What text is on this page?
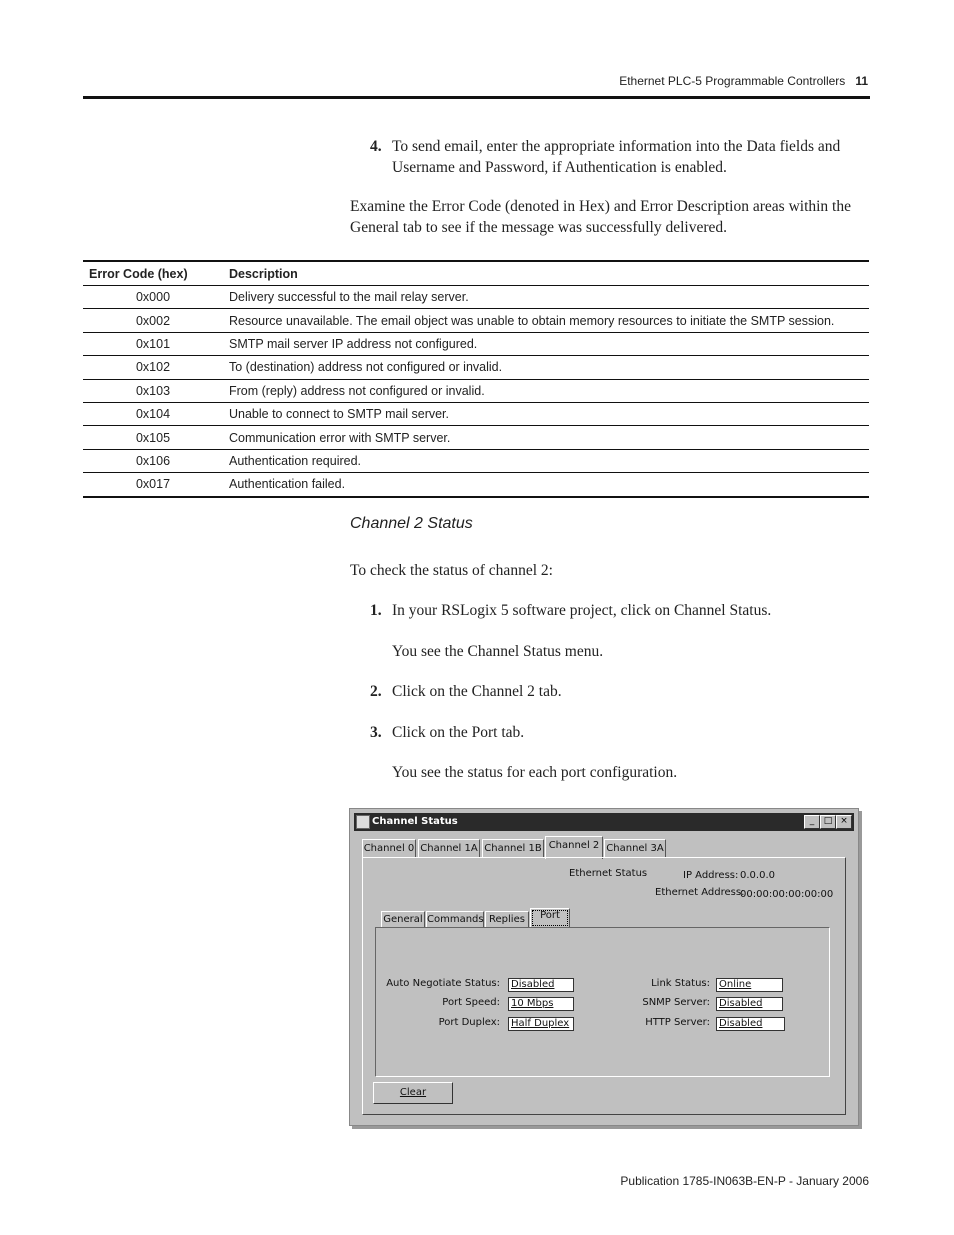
Ethernet PLC-5 Programmable Controllers 11
4. To send email, enter the appropriate information into the Data fields and Username and Password, if Authentication is enabled.
Examine the Error Code (denoted in Hex) and Error Description areas within the General tab to see if the message was successfully delivered.
Error Code (hex)	Description
0x000	Delivery successful to the mail relay server.
0x002	Resource unavailable. The email object was unable to obtain memory resources to initiate the SMTP session.
0x101	SMTP mail server IP address not configured.
0x102	To (destination) address not configured or invalid.
0x103	From (reply) address not configured or invalid.
0x104	Unable to connect to SMTP mail server.
0x105	Communication error with SMTP server.
0x106	Authentication required.
0x017	Authentication failed.
Channel 2 Status
To check the status of channel 2:
1. In your RSLogix 5 software project, click on Channel Status.
You see the Channel Status menu.
2. Click on the Channel 2 tab.
3. Click on the Port tab.
You see the status for each port configuration.
Channel Status	_	□ ×
Channel 0 Channel 1A Channel 1B Channel 2 Channel 3A
Ethernet Status	IP Address: 0.0.0.0
Ethernet Address:
00:00:00:00:00:00
General Commands Replies	Port
Auto Negotiate Status:	Disabled
Port Speed:	10 Mbps
Port Duplex:	Half Duplex
Link Status: Online
SNMP Server: Disabled
HTTP Server: Disabled
Clear
Publication 1785-IN063B-EN-P - January 2006
